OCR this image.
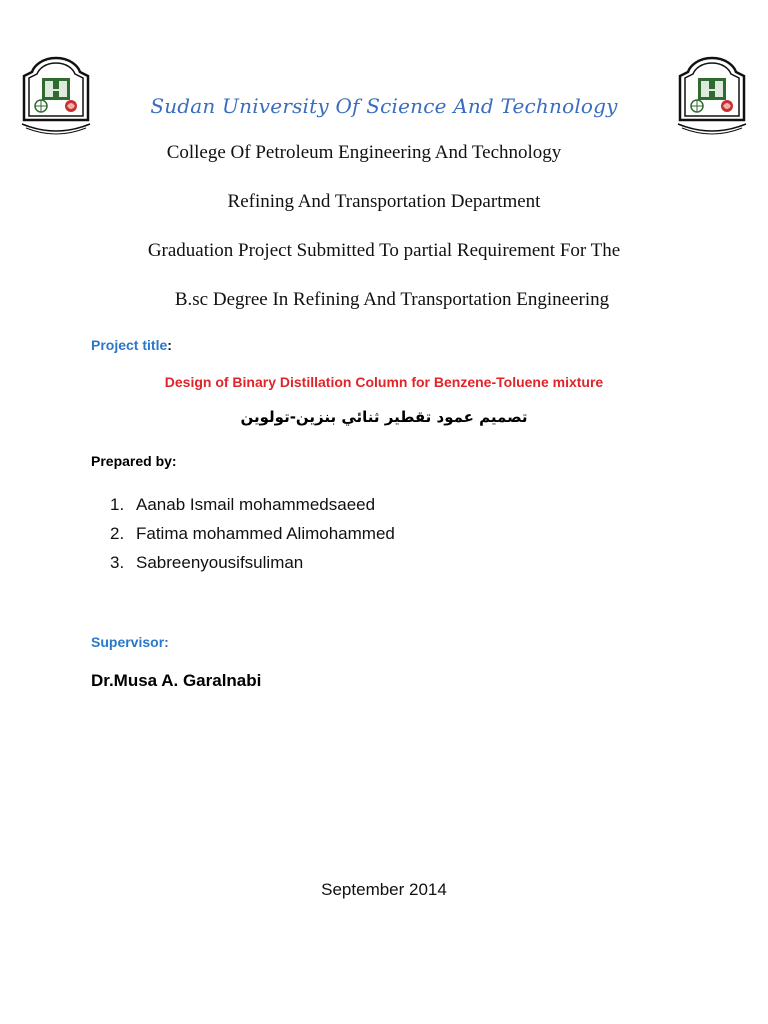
Sudan University Of Science And Technology
College Of Petroleum Engineering And Technology
Refining And Transportation Department
Graduation Project Submitted To partial Requirement For The
B.sc Degree In Refining And Transportation Engineering
Project title:
Design of Binary Distillation Column for Benzene-Toluene mixture
تصميم عمود تقطير ثنائي بنزين-تولوين
Prepared by:
1. Aanab Ismail mohammedsaeed
2. Fatima mohammed Alimohammed
3. Sabreenyousifsuliman
Supervisor:
Dr.Musa A. Garalnabi
September 2014
